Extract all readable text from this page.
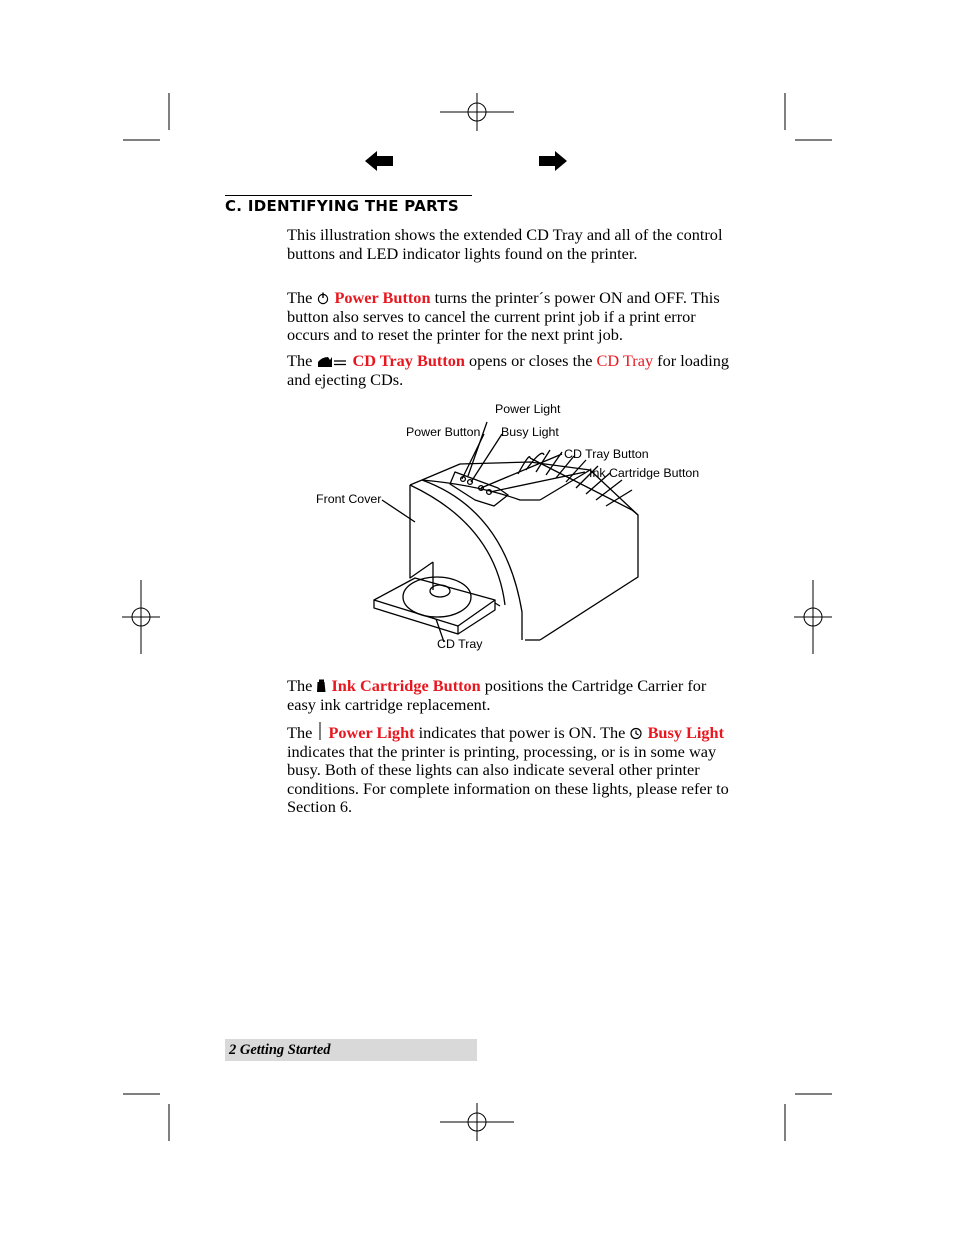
C. IDENTIFYING THE PARTS
This illustration shows the extended CD Tray and all of the control buttons and LED indicator lights found on the printer.
The  Power Button turns the printer´s power ON and OFF. This button also serves to cancel the current print job if a print error occurs and to reset the printer for the next print job.
The  CD Tray Button opens or closes the CD Tray for loading and ejecting CDs.
Power Light
Power Button Busy Light
CD Tray Button
Ink Cartridge Button
Front Cover
CD Tray
The  Ink Cartridge Button positions the Cartridge Carrier for easy ink cartridge replacement.
The  Power Light indicates that power is ON. The  Busy Light indicates that the printer is printing, processing, or is in some way busy. Both of these lights can also indicate several other printer conditions. For complete information on these lights, please refer to Section 6.
2 Getting Started
